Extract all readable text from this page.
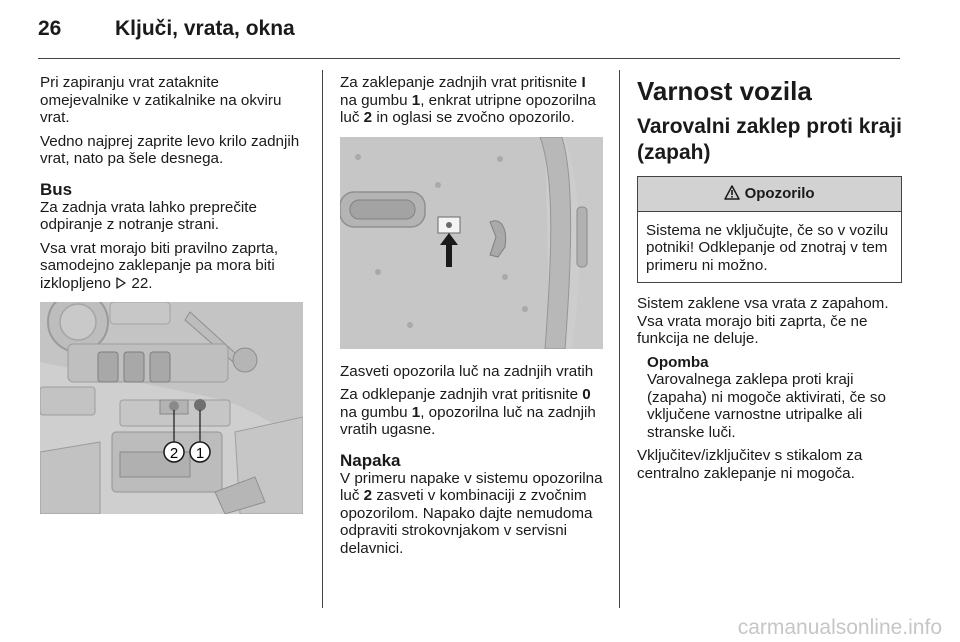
26	Ključi, vrata, okna

Pri zapiranju vrat zataknite omejevalnike v zatikalnike na okviru vrat.

Vedno najprej zaprite levo krilo zadnjih vrat, nato pa šele desnega.

Bus

Za zadnja vrata lahko preprečite odpiranje z notranje strani.

Vsa vrat morajo biti pravilno zaprta, samodejno zaklepanje pa mora biti izklopljeno 22.

2 1

Za zaklepanje zadnjih vrat pritisnite I na gumbu 1, enkrat utripne opozorilna luč 2 in oglasi se zvočno opozorilo.

Zasveti opozorila luč na zadnjih vratih

Za odklepanje zadnjih vrat pritisnite 0 na gumbu 1, opozorilna luč na zadnjih vratih ugasne.

Napaka

V primeru napake v sistemu opozorilna luč 2 zasveti v kombinaciji z zvočnim opozorilom. Napako dajte nemudoma odpraviti strokovnjakom v servisni delavnici.

Varnost vozila
Varovalni zaklep proti kraji (zapah)
Opozorilo
Sistema ne vključujte, če so v vozilu potniki! Odklepanje od znotraj v tem primeru ni možno.

Sistem zaklene vsa vrata z zapahom. Vsa vrata morajo biti zaprta, če ne funkcija ne deluje.

Opomba

Varovalnega zaklepa proti kraji (zapaha) ni mogoče aktivirati, če so vključene varnostne utripalke ali stranske luči.

Vključitev/izključitev s stikalom za centralno zaklepanje ni mogoča.

carmanualsonline.info
